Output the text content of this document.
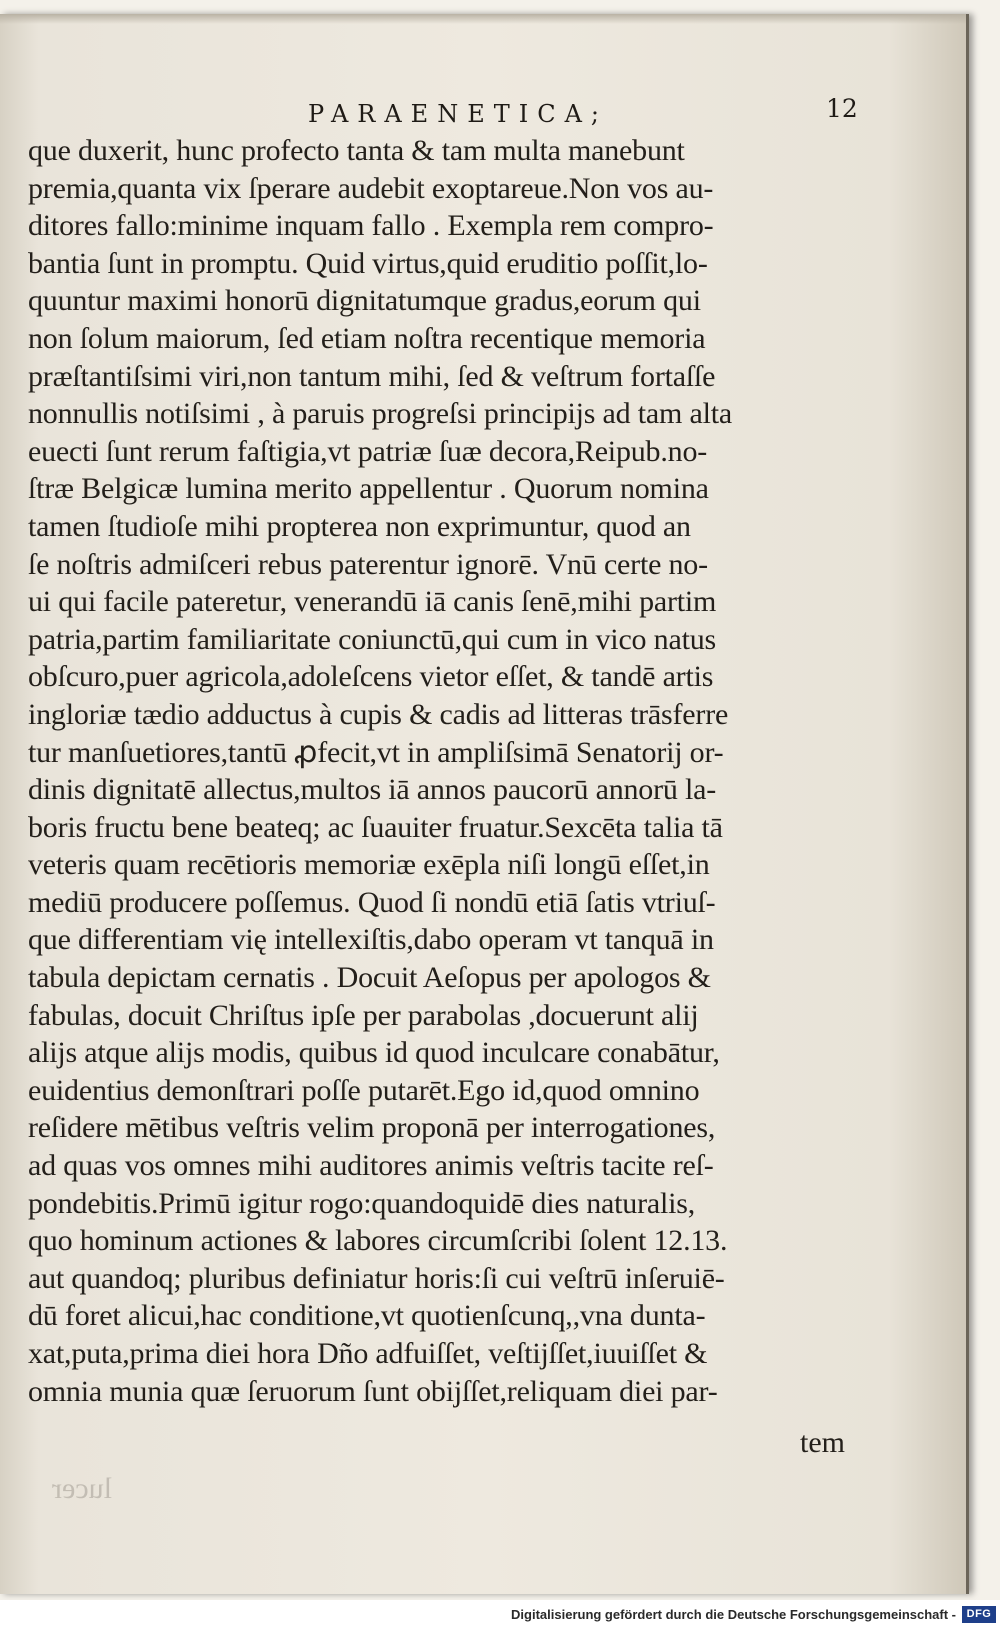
PARAENETICA;	12
que duxerit, hunc profecto tanta & tam multa manebunt
premia,quanta vix ſperare audebit exoptareue.Non vos au-
ditores fallo:minime inquam fallo . Exempla rem compro-
bantia ſunt in promptu. Quid virtus,quid eruditio poſſit,lo-
quuntur maximi honorū dignitatumque gradus,eorum qui
non ſolum maiorum, ſed etiam noſtra recentique memoria
præſtantiſsimi viri,non tantum mihi, ſed & veſtrum fortaſſe
nonnullis notiſsimi , à paruis progreſsi principijs ad tam alta
euecti ſunt rerum faſtigia,vt patriæ ſuæ decora,Reipub.no-
ſtræ Belgicæ lumina merito appellentur . Quorum nomina
tamen ſtudioſe mihi propterea non exprimuntur, quod an
ſe noſtris admiſceri rebus paterentur ignorē. Vnū certe no-
ui qui facile pateretur, venerandū iā canis ſenē,mihi partim
patria,partim familiaritate coniunctū,qui cum in vico natus
obſcuro,puer agricola,adoleſcens vietor eſſet, & tandē artis
ingloriæ tædio adductus à cupis & cadis ad litteras trāsferre
tur manſuetiores,tantū ꝓfecit,vt in ampliſsimā Senatorij or-
dinis dignitatē allectus,multos iā annos paucorū annorū la-
boris fructu bene beateq; ac ſuauiter fruatur.Sexcēta talia tā
veteris quam recētioris memoriæ exēpla niſi longū eſſet,in
mediū producere poſſemus. Quod ſi nondū etiā ſatis vtriuſ-
que differentiam vię intellexiſtis,dabo operam vt tanquā in
tabula depictam cernatis . Docuit Aeſopus per apologos &
fabulas, docuit Chriſtus ipſe per parabolas ,docuerunt alij
alijs atque alijs modis, quibus id quod inculcare conabātur,
euidentius demonſtrari poſſe putarēt.Ego id,quod omnino
reſidere mētibus veſtris velim proponā per interrogationes,
ad quas vos omnes mihi auditores animis veſtris tacite reſ-
pondebitis.Primū igitur rogo:quandoquidē dies naturalis,
quo hominum actiones & labores circumſcribi ſolent 12.13.
aut quandoq; pluribus definiatur horis:ſi cui veſtrū inſeruiē-
dū foret alicui,hac conditione,vt quotienſcunq,,vna dunta-
xat,puta,prima diei hora Dño adfuiſſet, veſtijſſet,iuuiſſet &
omnia munia quæ ſeruorum ſunt obijſſet,reliquam diei par-
tem
lucer
Digitalisierung gefördert durch die Deutsche Forschungsgemeinschaft - DFG
